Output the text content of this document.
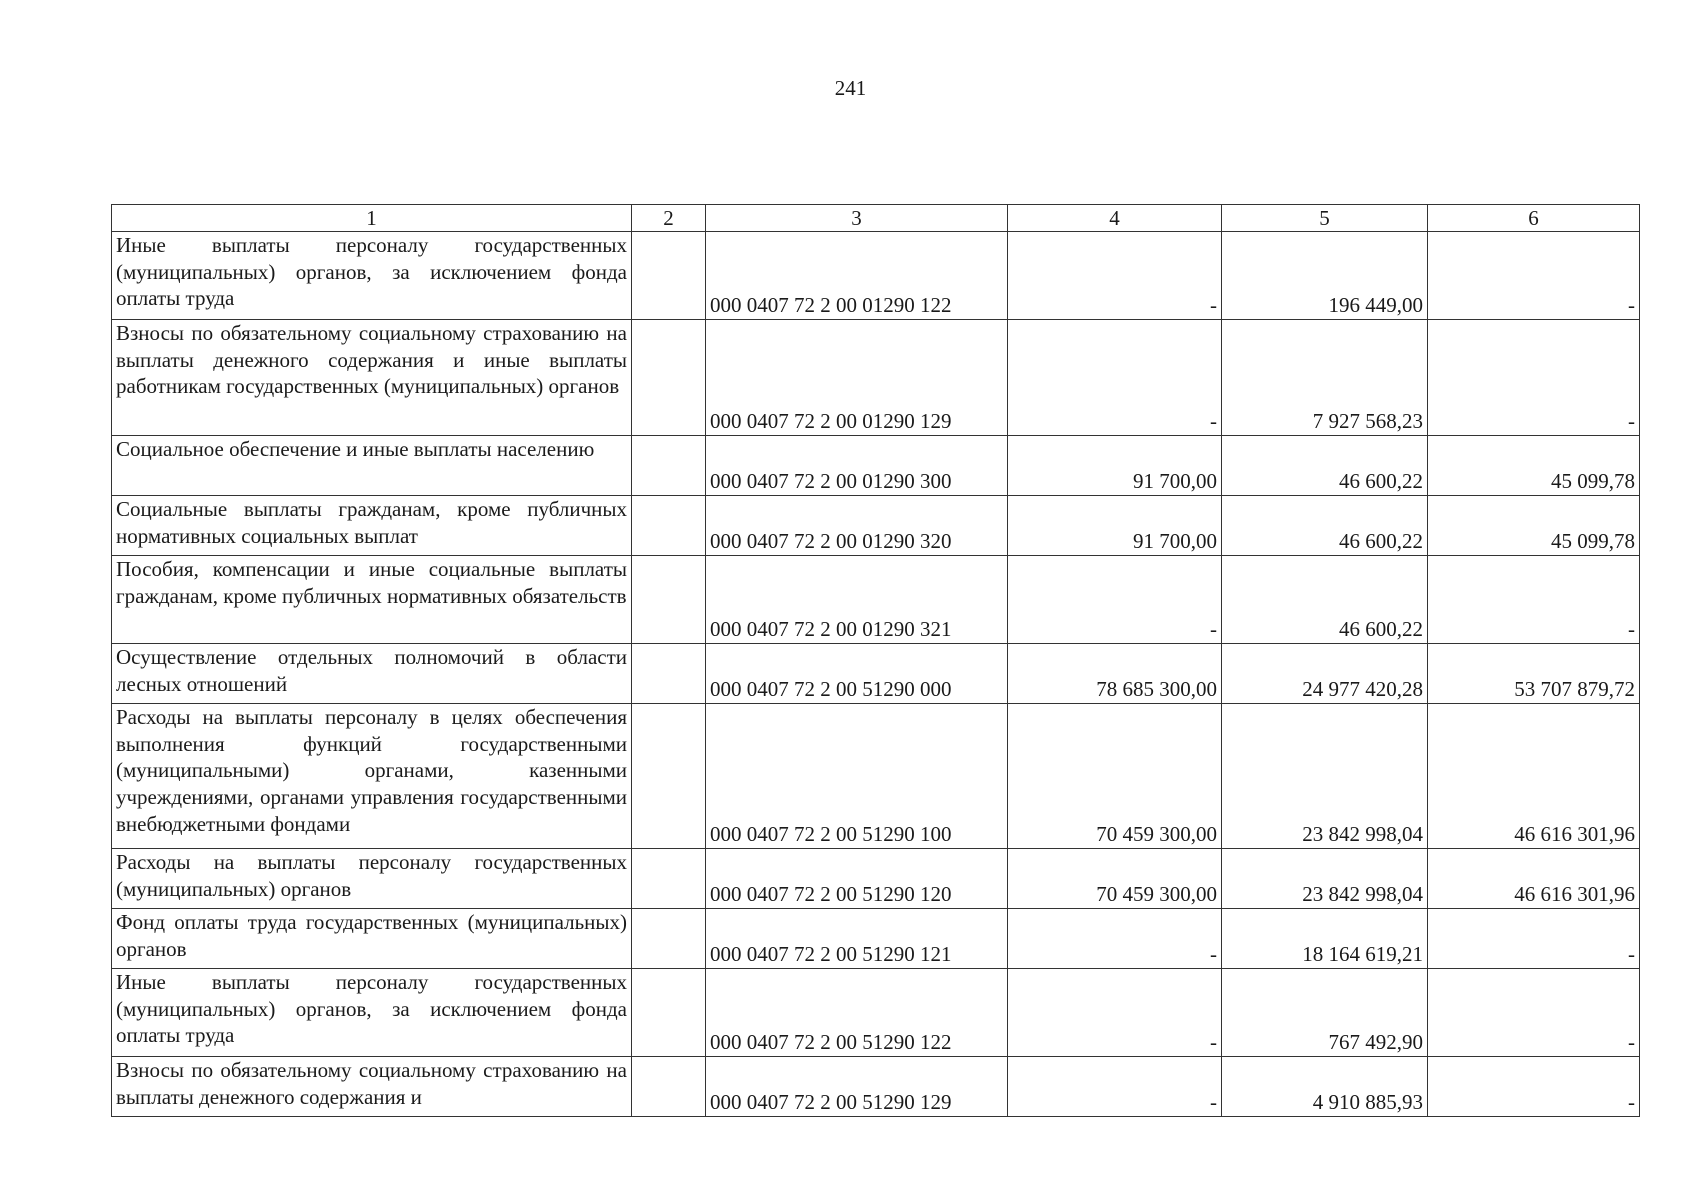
241
1	2	3	4	5	6
Иные выплаты персоналу государственных (муниципальных) органов, за исключением фонда оплаты труда		000 0407 72 2 00 01290 122	-	196 449,00	-
Взносы по обязательному социальному страхованию на выплаты денежного содержания и иные выплаты работникам государственных (муниципальных) органов		000 0407 72 2 00 01290 129	-	7 927 568,23	-
Социальное обеспечение и иные выплаты населению		000 0407 72 2 00 01290 300	91 700,00	46 600,22	45 099,78
Социальные выплаты гражданам, кроме публичных нормативных социальных выплат		000 0407 72 2 00 01290 320	91 700,00	46 600,22	45 099,78
Пособия, компенсации и иные социальные выплаты гражданам, кроме публичных нормативных обязательств		000 0407 72 2 00 01290 321	-	46 600,22	-
Осуществление отдельных полномочий в области лесных отношений		000 0407 72 2 00 51290 000	78 685 300,00	24 977 420,28	53 707 879,72
Расходы на выплаты персоналу в целях обеспечения выполнения функций государственными (муниципальными) органами, казенными учреждениями, органами управления государственными внебюджетными фондами		000 0407 72 2 00 51290 100	70 459 300,00	23 842 998,04	46 616 301,96
Расходы на выплаты персоналу государственных (муниципальных) органов		000 0407 72 2 00 51290 120	70 459 300,00	23 842 998,04	46 616 301,96
Фонд оплаты труда государственных (муниципальных) органов		000 0407 72 2 00 51290 121	-	18 164 619,21	-
Иные выплаты персоналу государственных (муниципальных) органов, за исключением фонда оплаты труда		000 0407 72 2 00 51290 122	-	767 492,90	-
Взносы по обязательному социальному страхованию на выплаты денежного содержания и		000 0407 72 2 00 51290 129	-	4 910 885,93	-
